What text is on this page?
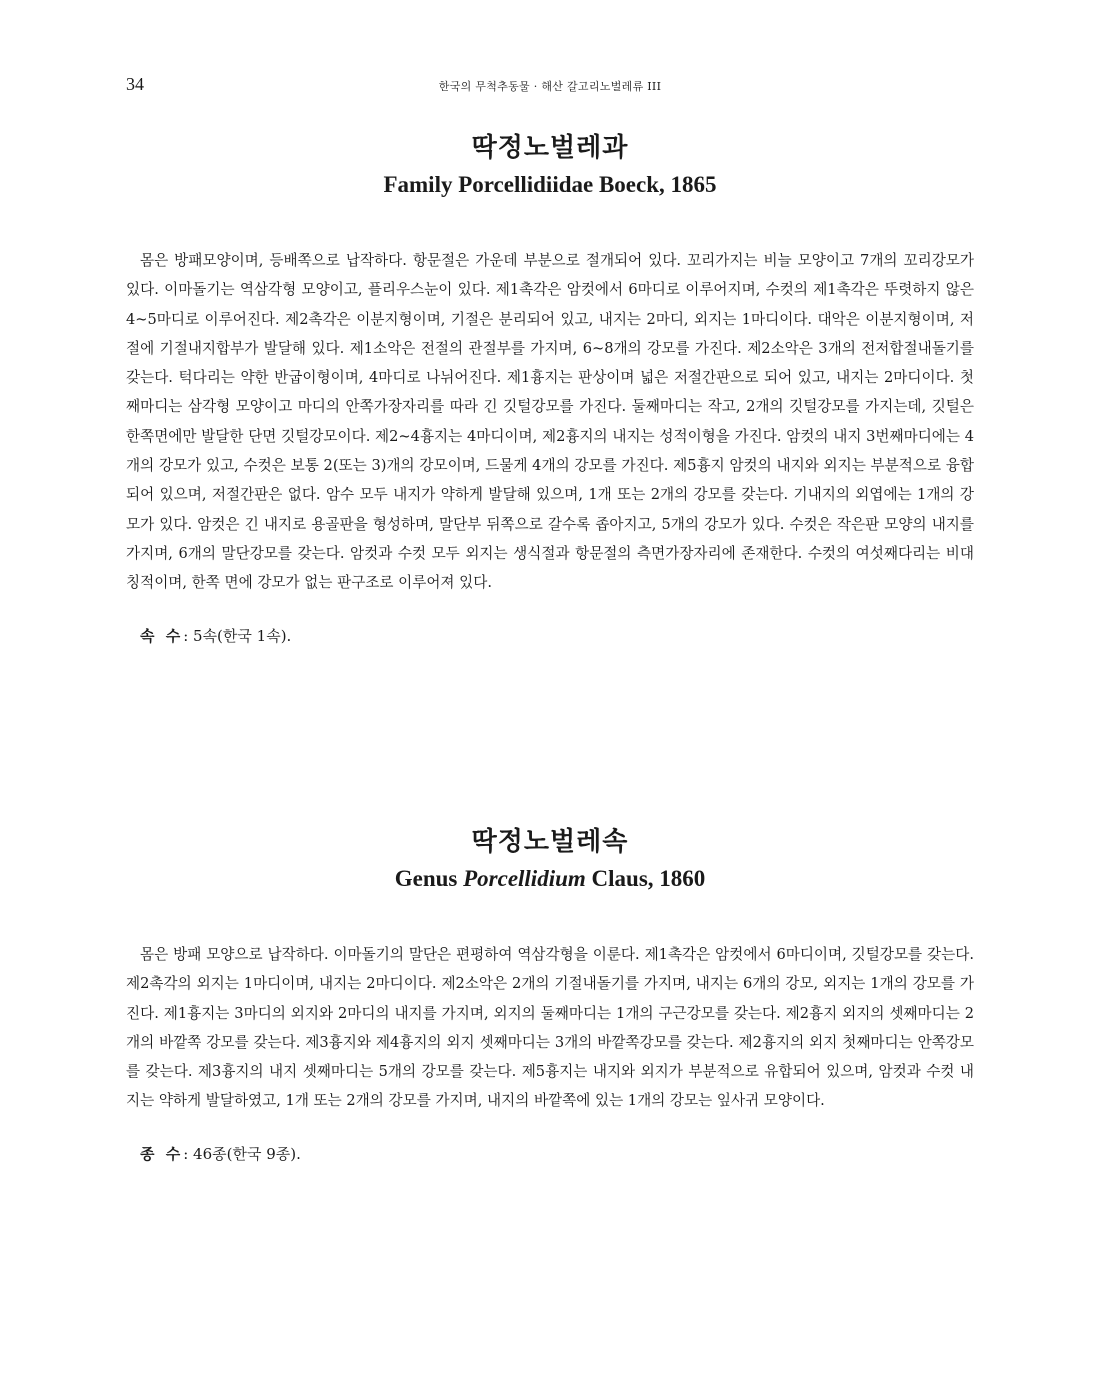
34	한국의 무척추동물 · 해산 갈고리노벌레류 III
딱정노벌레과
Family Porcellidiidae Boeck, 1865

몸은 방패모양이며, 등배쪽으로 납작하다. 항문절은 가운데 부분으로 절개되어 있다. 꼬리가지는 비늘 모양이고 7개의 꼬리강모가 있다. 이마돌기는 역삼각형 모양이고, 플리우스눈이 있다. 제1촉각은 암컷에서 6마디로 이루어지며, 수컷의 제1촉각은 뚜렷하지 않은 4~5마디로 이루어진다. 제2촉각은 이분지형이며, 기절은 분리되어 있고, 내지는 2마디, 외지는 1마디이다. 대악은 이분지형이며, 저절에 기절내지합부가 발달해 있다. 제1소악은 전절의 관절부를 가지며, 6~8개의 강모를 가진다. 제2소악은 3개의 전저합절내돌기를 갖는다. 턱다리는 약한 반굽이형이며, 4마디로 나뉘어진다. 제1흉지는 판상이며 넓은 저절간판으로 되어 있고, 내지는 2마디이다. 첫째마디는 삼각형 모양이고 마디의 안쪽가장자리를 따라 긴 깃털강모를 가진다. 둘째마디는 작고, 2개의 깃털강모를 가지는데, 깃털은 한쪽면에만 발달한 단면 깃털강모이다. 제2~4흉지는 4마디이며, 제2흉지의 내지는 성적이형을 가진다. 암컷의 내지 3번째마디에는 4개의 강모가 있고, 수컷은 보통 2(또는 3)개의 강모이며, 드물게 4개의 강모를 가진다. 제5흉지 암컷의 내지와 외지는 부분적으로 융합되어 있으며, 저절간판은 없다. 암수 모두 내지가 약하게 발달해 있으며, 1개 또는 2개의 강모를 갖는다. 기내지의 외엽에는 1개의 강모가 있다. 암컷은 긴 내지로 용골판을 형성하며, 말단부 뒤쪽으로 갈수록 좁아지고, 5개의 강모가 있다. 수컷은 작은판 모양의 내지를 가지며, 6개의 말단강모를 갖는다. 암컷과 수컷 모두 외지는 생식절과 항문절의 측면가장자리에 존재한다. 수컷의 여섯째다리는 비대칭적이며, 한쪽 면에 강모가 없는 판구조로 이루어져 있다.

속 수: 5속(한국 1속).

딱정노벌레속
Genus Porcellidium Claus, 1860

몸은 방패 모양으로 납작하다. 이마돌기의 말단은 편평하여 역삼각형을 이룬다. 제1촉각은 암컷에서 6마디이며, 깃털강모를 갖는다. 제2촉각의 외지는 1마디이며, 내지는 2마디이다. 제2소악은 2개의 기절내돌기를 가지며, 내지는 6개의 강모, 외지는 1개의 강모를 가진다. 제1흉지는 3마디의 외지와 2마디의 내지를 가지며, 외지의 둘째마디는 1개의 구근강모를 갖는다. 제2흉지 외지의 셋째마디는 2개의 바깥쪽 강모를 갖는다. 제3흉지와 제4흉지의 외지 셋째마디는 3개의 바깥쪽강모를 갖는다. 제2흉지의 외지 첫째마디는 안쪽강모를 갖는다. 제3흉지의 내지 셋째마디는 5개의 강모를 갖는다. 제5흉지는 내지와 외지가 부분적으로 유합되어 있으며, 암컷과 수컷 내지는 약하게 발달하였고, 1개 또는 2개의 강모를 가지며, 내지의 바깥쪽에 있는 1개의 강모는 잎사귀 모양이다.

종 수: 46종(한국 9종).
